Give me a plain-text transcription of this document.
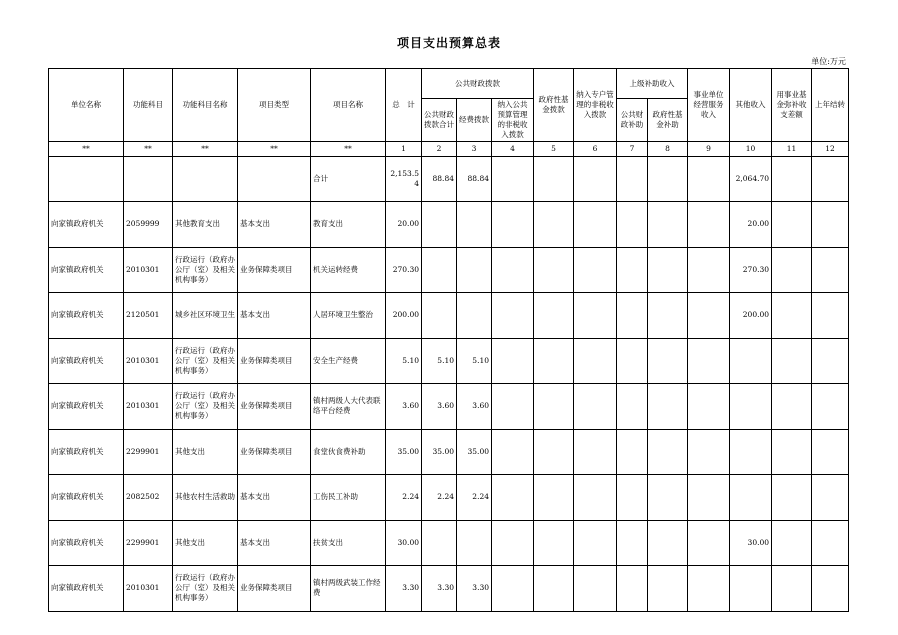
项目支出预算总表
单位:万元
单位名称	功能科目	功能科目名称	项目类型	项目名称	总　计	公共财政拨款			政府性基金拨款	纳入专户管理的非税收入拨款	上级补助收入		事业单位经营服务收入	其他收入	用事业基金弥补收支差额	上年结转
						公共财政拨款合计	经费拨款	纳入公共预算管理的非税收入拨款			公共财政补助	政府性基金补助				
**	**	**	**	**	1	2	3	4	5	6	7	8	9	10	11	12
				合计	2,153.54	88.84	88.84							2,064.70		
向家镇政府机关	2059999	其他教育支出	基本支出	教育支出	20.00									20.00		
向家镇政府机关	2010301	行政运行（政府办公厅（室）及相关机构事务）	业务保障类项目	机关运转经费	270.30									270.30		
向家镇政府机关	2120501	城乡社区环境卫生	基本支出	人居环境卫生整治	200.00									200.00		
向家镇政府机关	2010301	行政运行（政府办公厅（室）及相关机构事务）	业务保障类项目	安全生产经费	5.10	5.10	5.10									
向家镇政府机关	2010301	行政运行（政府办公厅（室）及相关机构事务）	业务保障类项目	镇村两级人大代表联络平台经费	3.60	3.60	3.60									
向家镇政府机关	2299901	其他支出	业务保障类项目	食堂伙食费补助	35.00	35.00	35.00									
向家镇政府机关	2082502	其他农村生活救助	基本支出	工伤民工补助	2.24	2.24	2.24									
向家镇政府机关	2299901	其他支出	基本支出	扶贫支出	30.00									30.00		
向家镇政府机关	2010301	行政运行（政府办公厅（室）及相关机构事务）	业务保障类项目	镇村两级武装工作经费	3.30	3.30	3.30									
